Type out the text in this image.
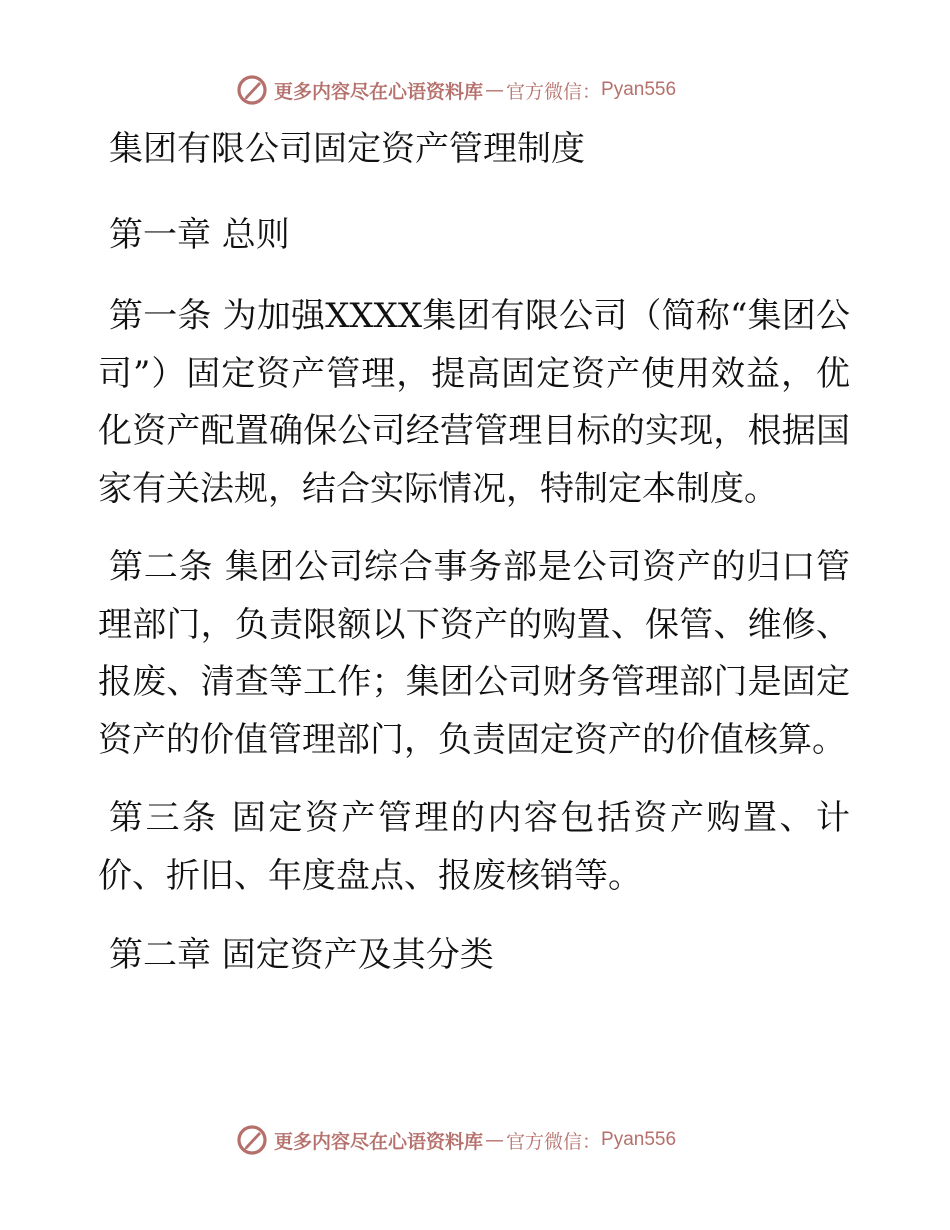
更多内容尽在心语资料库 — 官方微信： Pyan556
集团有限公司固定资产管理制度
第一章 总则

第一条 为加强XXXX集团有限公司（简称“集团公司”）固定资产管理，提高固定资产使用效益，优化资产配置确保公司经营管理目标的实现，根据国家有关法规，结合实际情况，特制定本制度。

第二条 集团公司综合事务部是公司资产的归口管理部门，负责限额以下资产的购置、保管、维修、报废、清查等工作；集团公司财务管理部门是固定资产的价值管理部门，负责固定资产的价值核算。

第三条 固定资产管理的内容包括资产购置、计价、折旧、年度盘点、报废核销等。

第二章 固定资产及其分类
更多内容尽在心语资料库 — 官方微信： Pyan556
